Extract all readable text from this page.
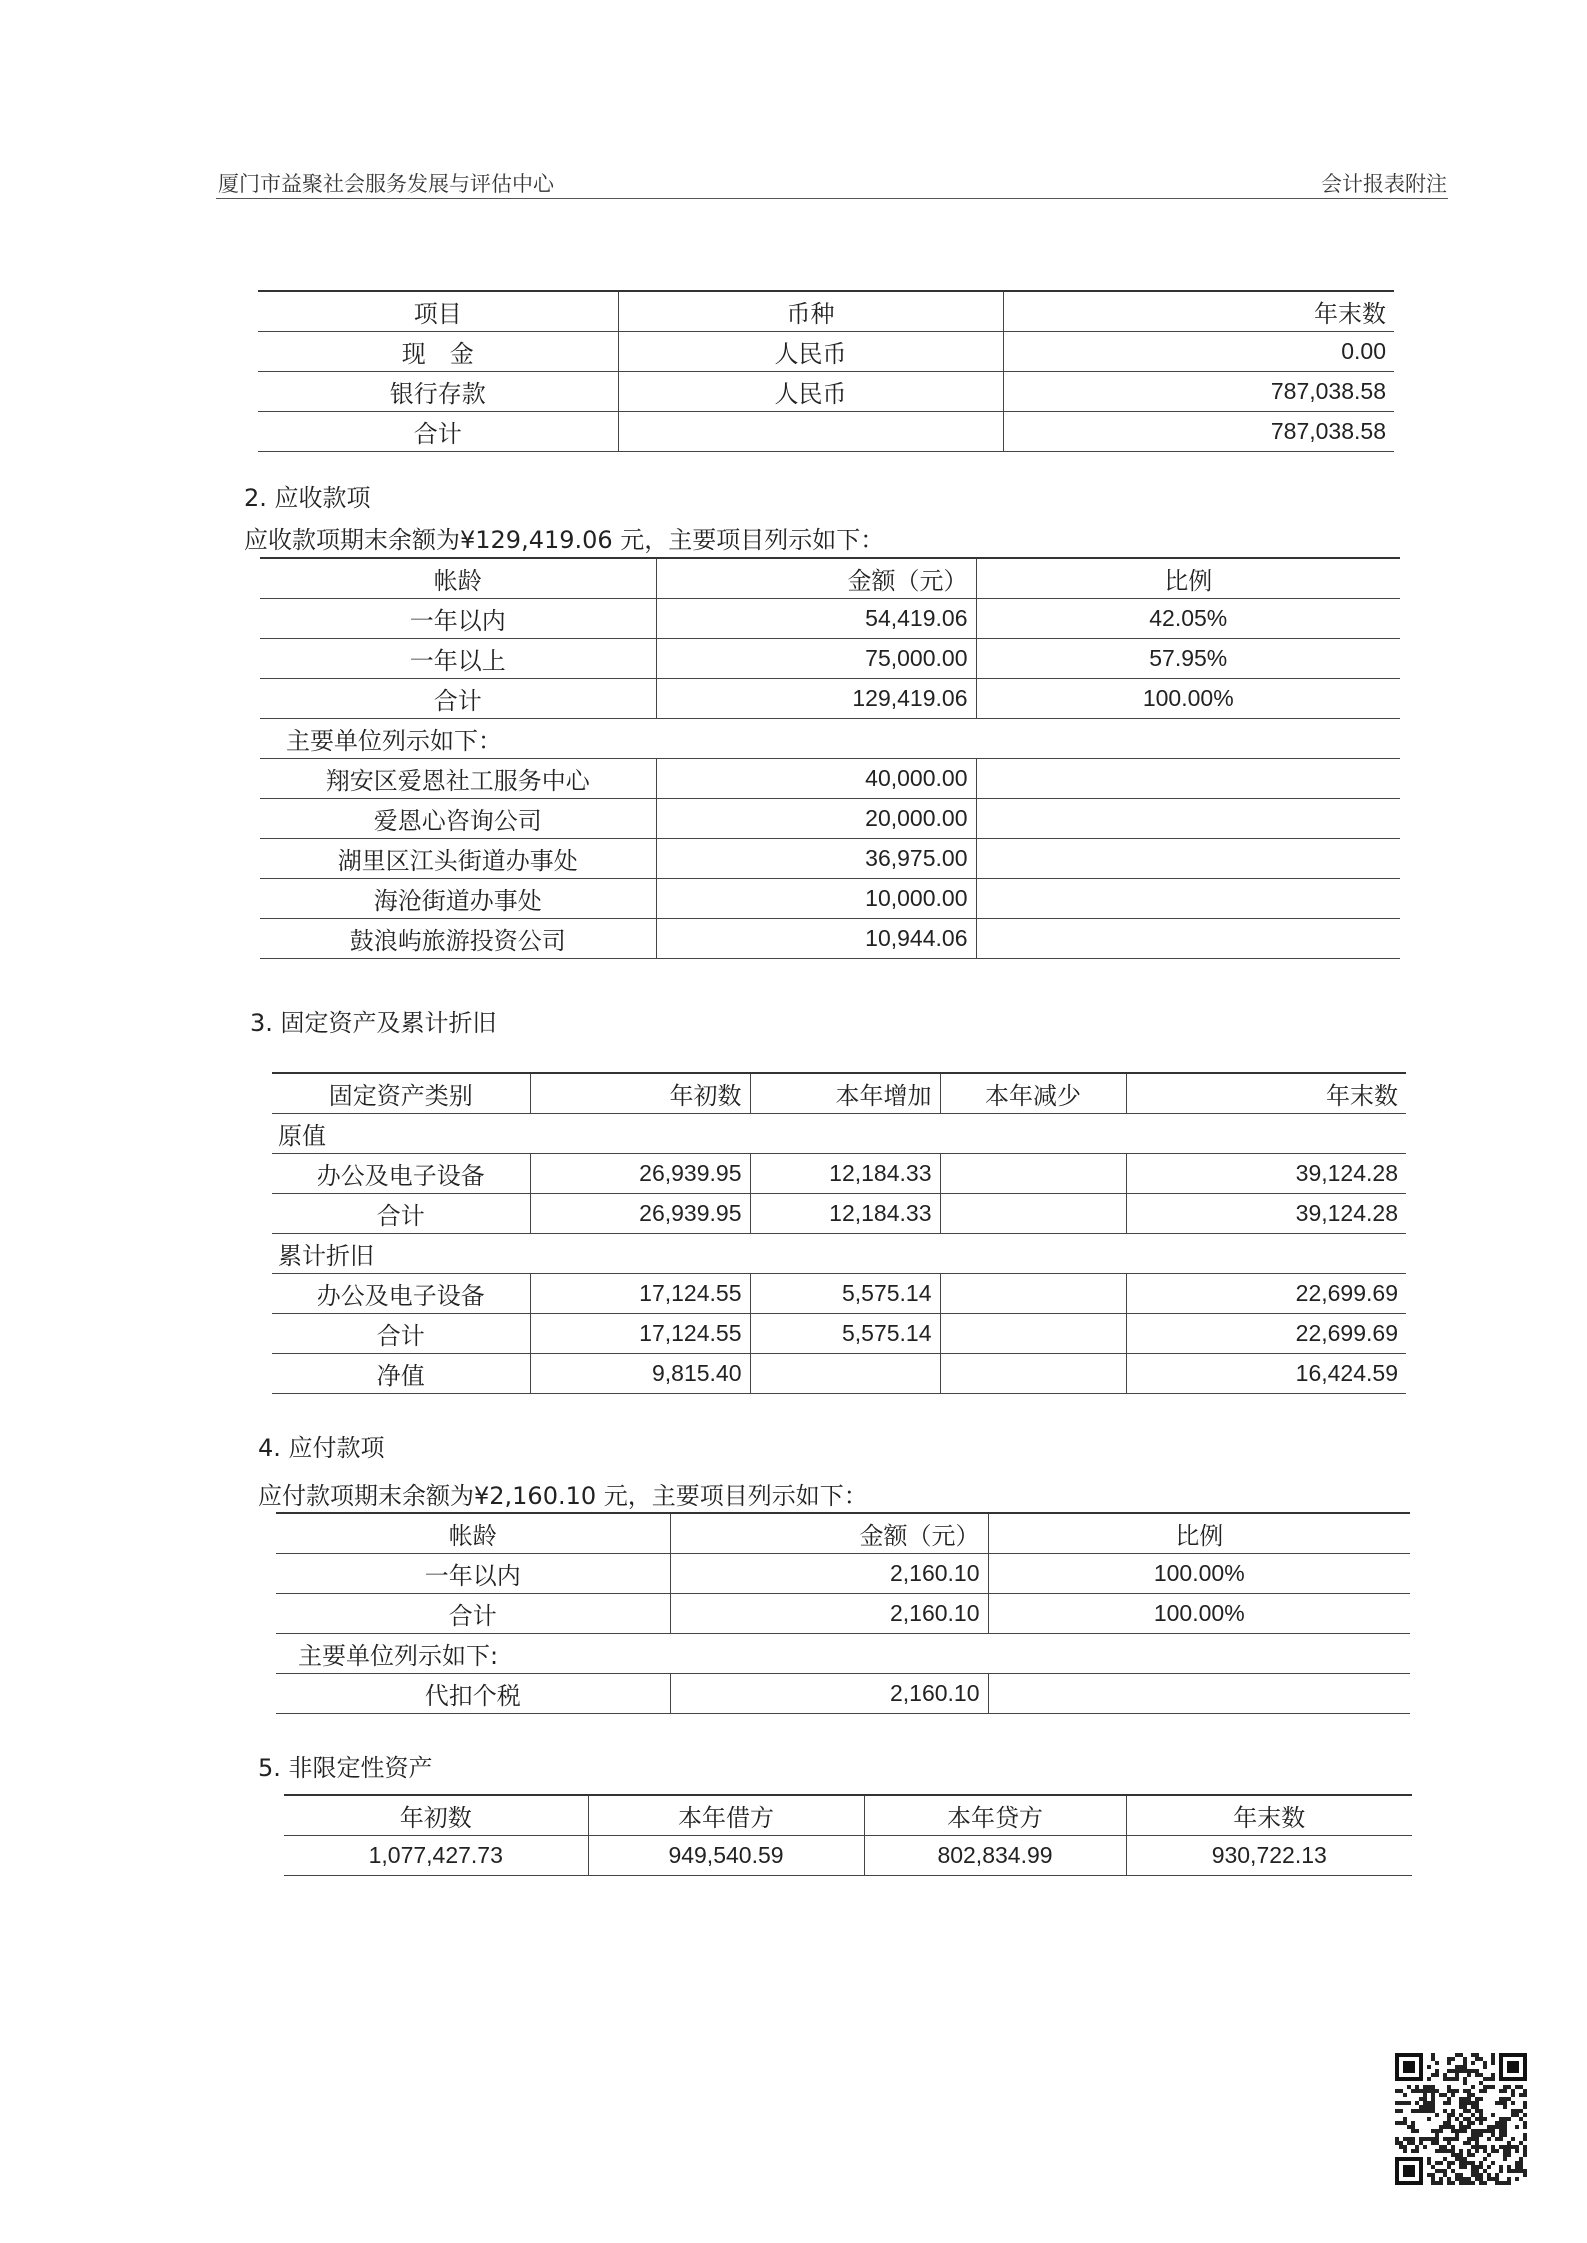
厦门市益聚社会服务发展与评估中心	会计报表附注
项目	币种	年末数
现　金	人民币	0.00
银行存款	人民币	787,038.58
合计		787,038.58
2. 应收款项
应收款项期末余额为¥129,419.06 元，主要项目列示如下：
帐龄	金额（元）	比例
一年以内	54,419.06	42.05%
一年以上	75,000.00	57.95%
合计	129,419.06	100.00%
主要单位列示如下：		
翔安区爱恩社工服务中心	40,000.00	
爱恩心咨询公司	20,000.00	
湖里区江头街道办事处	36,975.00	
海沧街道办事处	10,000.00	
鼓浪屿旅游投资公司	10,944.06	
3. 固定资产及累计折旧
固定资产类别	年初数	本年增加	本年减少	年末数
原值				
办公及电子设备	26,939.95	12,184.33		39,124.28
合计	26,939.95	12,184.33		39,124.28
累计折旧				
办公及电子设备	17,124.55	5,575.14		22,699.69
合计	17,124.55	5,575.14		22,699.69
净值	9,815.40			16,424.59
4. 应付款项
应付款项期末余额为¥2,160.10 元，主要项目列示如下：
帐龄	金额（元）	比例
一年以内	2,160.10	100.00%
合计	2,160.10	100.00%
主要单位列示如下:		
代扣个税	2,160.10	
5. 非限定性资产
年初数	本年借方	本年贷方	年末数
1,077,427.73	949,540.59	802,834.99	930,722.13
